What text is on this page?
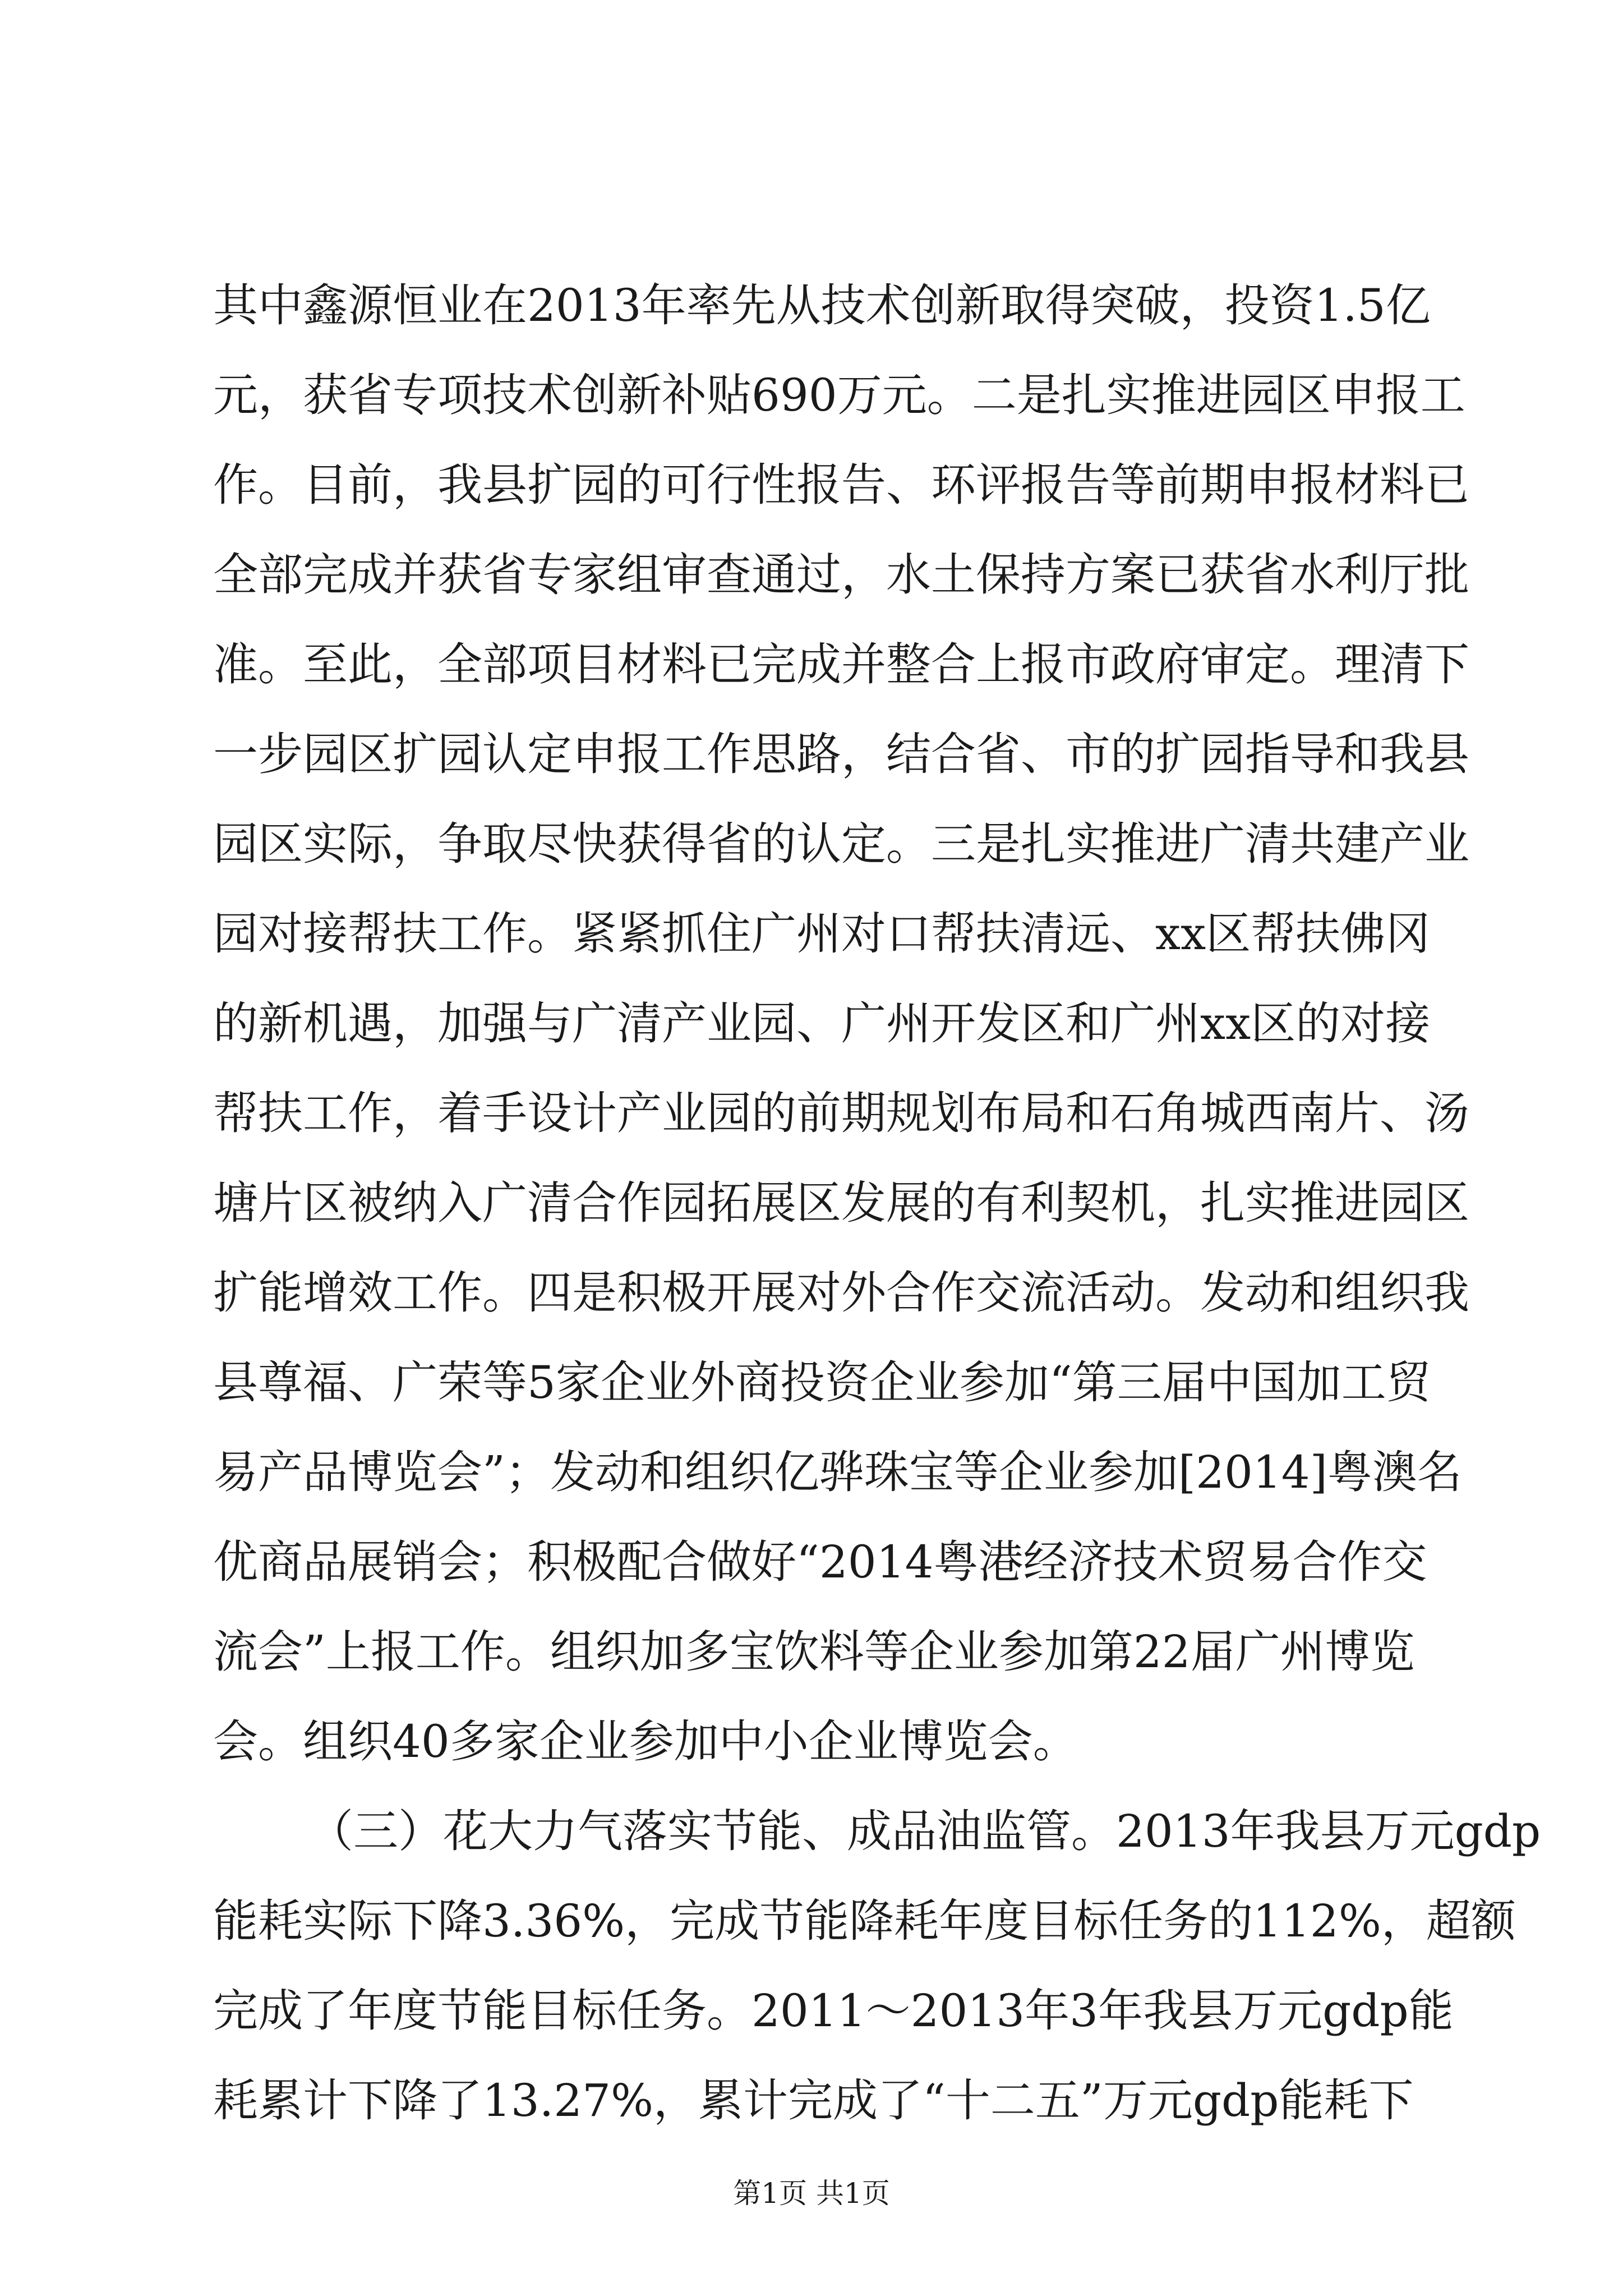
其中鑫源恒业在2013年率先从技术创新取得突破，投资1.5亿
元，获省专项技术创新补贴690万元。二是扎实推进园区申报工
作。目前，我县扩园的可行性报告、环评报告等前期申报材料已
全部完成并获省专家组审查通过，水土保持方案已获省水利厅批
准。至此，全部项目材料已完成并整合上报市政府审定。理清下
一步园区扩园认定申报工作思路，结合省、市的扩园指导和我县
园区实际，争取尽快获得省的认定。三是扎实推进广清共建产业
园对接帮扶工作。紧紧抓住广州对口帮扶清远、xx区帮扶佛冈
的新机遇，加强与广清产业园、广州开发区和广州xx区的对接
帮扶工作，着手设计产业园的前期规划布局和石角城西南片、汤
塘片区被纳入广清合作园拓展区发展的有利契机，扎实推进园区
扩能增效工作。四是积极开展对外合作交流活动。发动和组织我
县尊福、广荣等5家企业外商投资企业参加“第三届中国加工贸
易产品博览会”；发动和组织亿骅珠宝等企业参加[2014]粤澳名
优商品展销会；积极配合做好“2014粤港经济技术贸易合作交
流会”上报工作。组织加多宝饮料等企业参加第22届广州博览
会。组织40多家企业参加中小企业博览会。
（三）花大力气落实节能、成品油监管。2013年我县万元gdp
能耗实际下降3.36%，完成节能降耗年度目标任务的112%，超额
完成了年度节能目标任务。2011～2013年3年我县万元gdp能
耗累计下降了13.27%，累计完成了“十二五”万元gdp能耗下
第1页 共1页
